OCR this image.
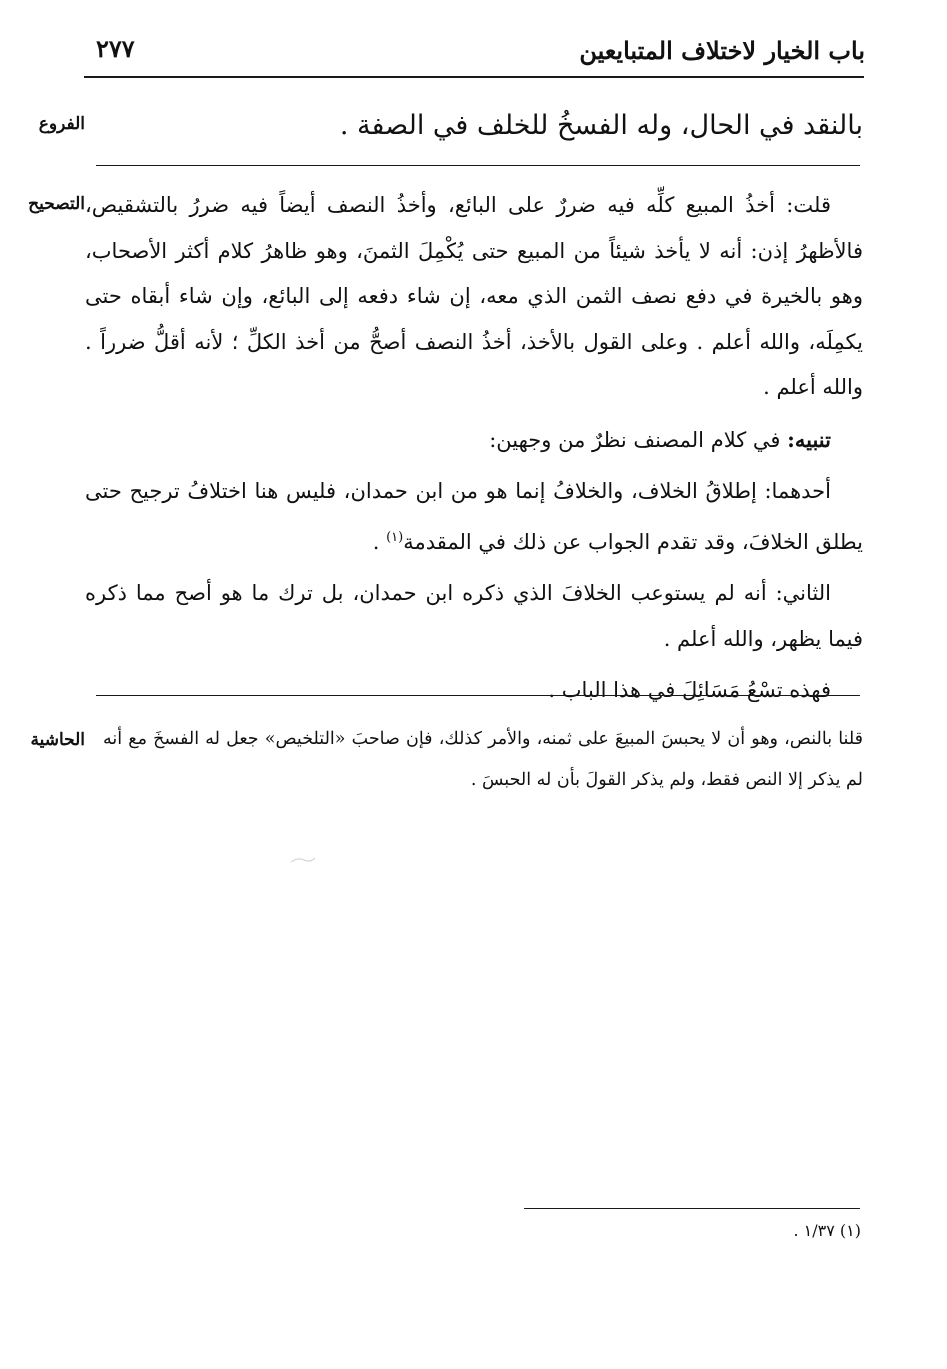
باب الخيار لاختلاف المتبايعين
٢٧٧
الفروع	بالنقد في الحال، وله الفسخُ للخلف في الصفة .
التصحيح قلت: أخذُ المبيع كلِّه فيه ضررٌ على البائع، وأخذُ النصف أيضاً فيه ضررُ بالتشقيص، فالأظهرُ إذن: أنه لا يأخذ شيئاً من المبيع حتى يُكْمِلَ الثمنَ، وهو ظاهرُ كلام أكثر الأصحاب، وهو بالخيرة في دفع نصف الثمن الذي معه، إن شاء دفعه إلى البائع، وإن شاء أبقاه حتى يكمِلَه، والله أعلم . وعلى القول بالأخذ، أخذُ النصف أصحُّ من أخذ الكلِّ ؛ لأنه أقلُّ ضرراً . والله أعلم .

تنبيه: في كلام المصنف نظرٌ من وجهين:

أحدهما: إطلاقُ الخلاف، والخلافُ إنما هو من ابن حمدان، فليس هنا اختلافُ ترجيح حتى يطلق الخلافَ، وقد تقدم الجواب عن ذلك في المقدمة$^{(١)}$ .

الثاني: أنه لم يستوعب الخلافَ الذي ذكره ابن حمدان، بل ترك ما هو أصح مما ذكره فيما يظهر، والله أعلم .

فهذه تسْعُ مَسَائِلَ في هذا الباب .

الحاشية قلنا بالنص، وهو أن لا يحبسَ المبيعَ على ثمنه، والأمر كذلك، فإن صاحبَ «التلخيص» جعل له الفسخَ مع أنه لم يذكر إلا النص فقط، ولم يذكر القولَ بأن له الحبسَ .
(١) ١/٣٧ .
